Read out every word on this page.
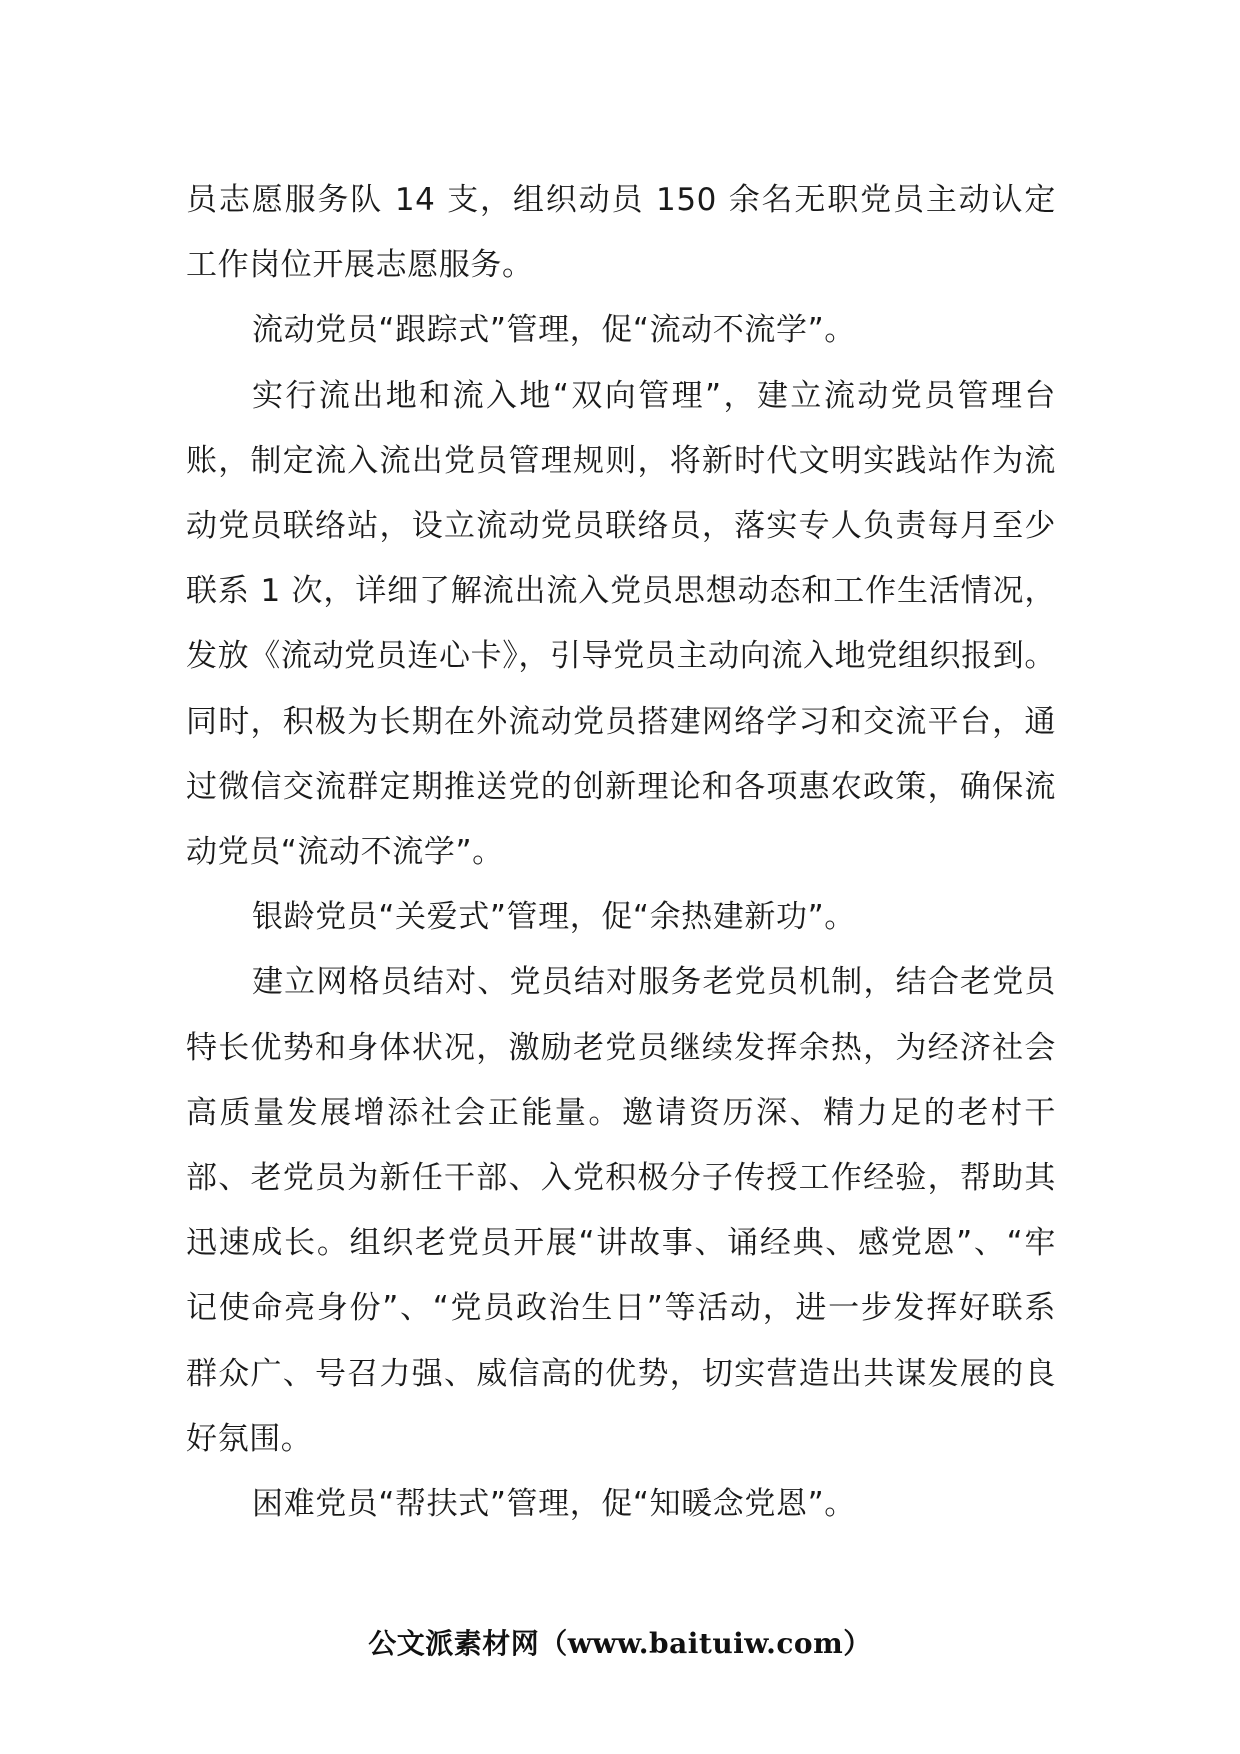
员志愿服务队 14 支，组织动员 150 余名无职党员主动认定工作岗位开展志愿服务。

流动党员“跟踪式”管理，促“流动不流学”。

实行流出地和流入地“双向管理”，建立流动党员管理台账，制定流入流出党员管理规则，将新时代文明实践站作为流动党员联络站，设立流动党员联络员，落实专人负责每月至少联系 1 次，详细了解流出流入党员思想动态和工作生活情况，发放《流动党员连心卡》，引导党员主动向流入地党组织报到。同时，积极为长期在外流动党员搭建网络学习和交流平台，通过微信交流群定期推送党的创新理论和各项惠农政策，确保流动党员“流动不流学”。

银龄党员“关爱式”管理，促“余热建新功”。

建立网格员结对、党员结对服务老党员机制，结合老党员特长优势和身体状况，激励老党员继续发挥余热，为经济社会高质量发展增添社会正能量。邀请资历深、精力足的老村干部、老党员为新任干部、入党积极分子传授工作经验，帮助其迅速成长。组织老党员开展“讲故事、诵经典、感党恩”、“牢记使命亮身份”、“党员政治生日”等活动，进一步发挥好联系群众广、号召力强、威信高的优势，切实营造出共谋发展的良好氛围。

困难党员“帮扶式”管理，促“知暖念党恩”。

公文派素材网（www.baituiw.com）
